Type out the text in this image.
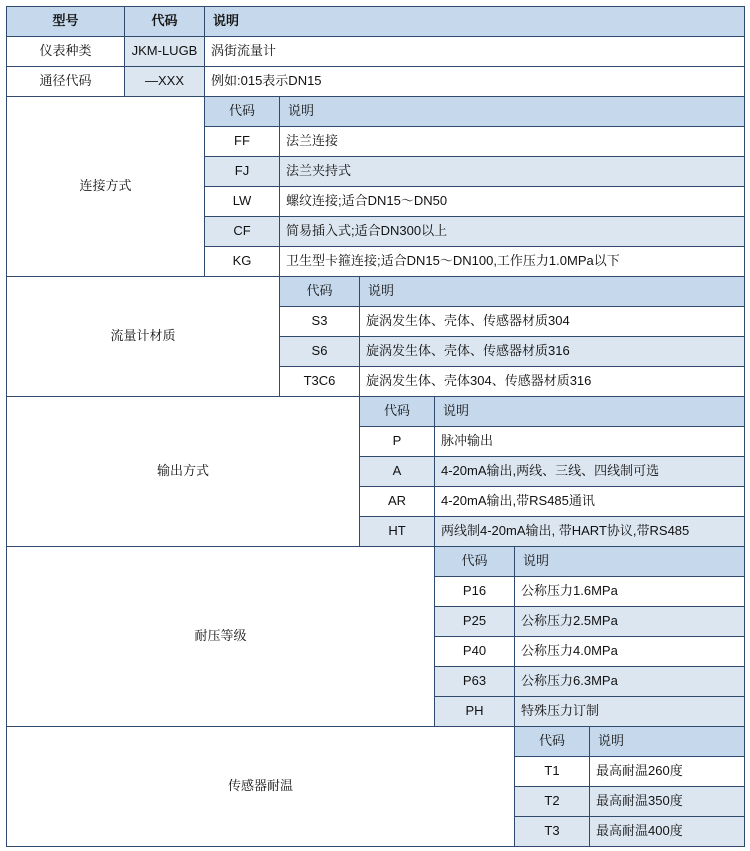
型号	代码	说明					
仪表种类	JKM-LUGB	涡街流量计					
通径代码	—XXX	例如:015表示DN15					
连接方式		代码	说明				
		FF	法兰连接				
		FJ	法兰夹持式				
		LW	螺纹连接;适合DN15～DN50				
		CF	简易插入式;适合DN300以上				
		KG	卫生型卡箍连接;适合DN15～DN100,工作压力1.0MPa以下				
流量计材质			代码	说明			
			S3	旋涡发生体、壳体、传感器材质304			
			S6	旋涡发生体、壳体、传感器材质316			
			T3C6	旋涡发生体、壳体304、传感器材质316			
输出方式				代码	说明		
				P	脉冲输出		
				A	4-20mA输出,两线、三线、四线制可选		
				AR	4-20mA输出,带RS485通讯		
				HT	两线制4-20mA输出, 带HART协议,带RS485		
耐压等级					代码	说明	
					P16	公称压力1.6MPa	
					P25	公称压力2.5MPa	
					P40	公称压力4.0MPa	
					P63	公称压力6.3MPa	
					PH	特殊压力订制	
传感器耐温						代码	说明
						T1	最高耐温260度
						T2	最高耐温350度
						T3	最高耐温400度
